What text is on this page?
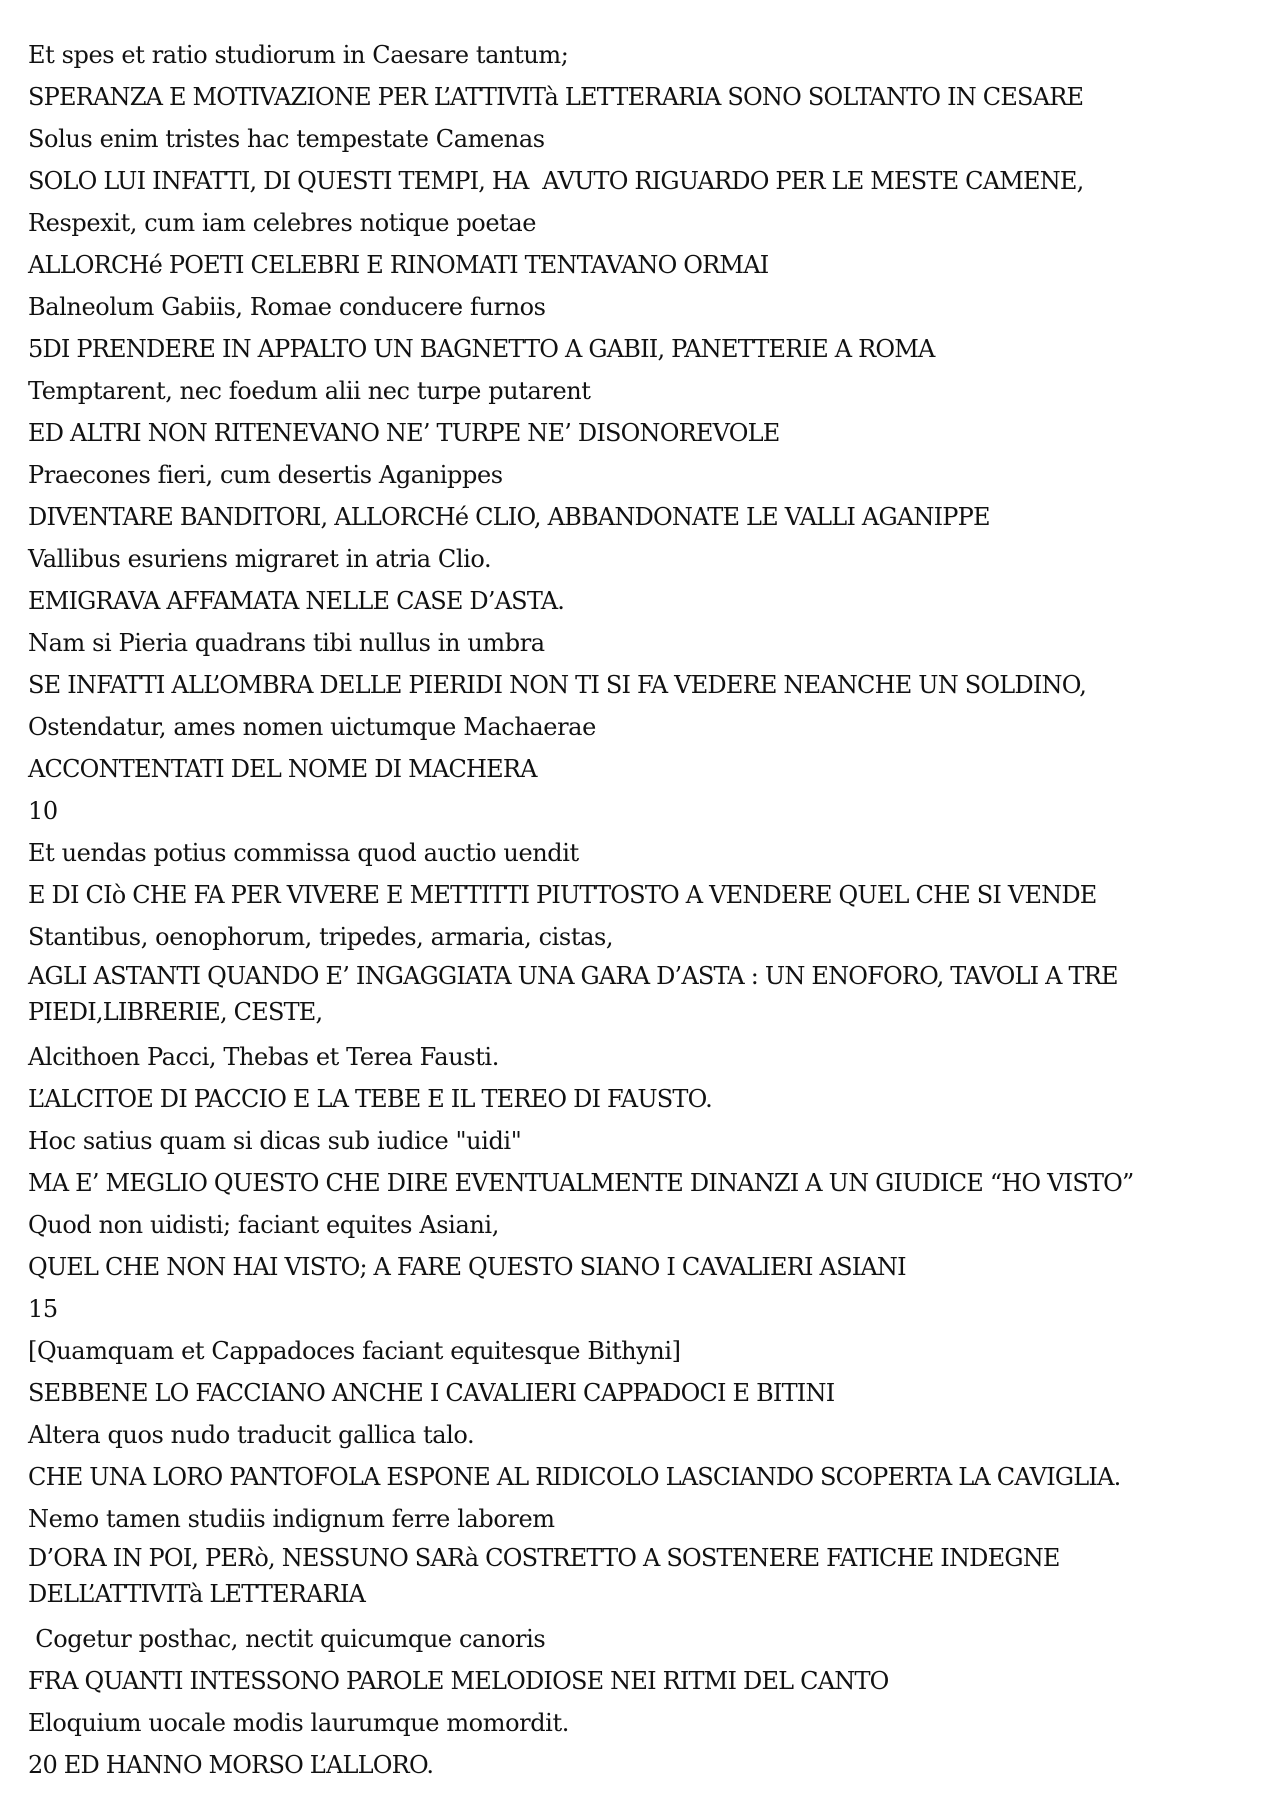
Et spes et ratio studiorum in Caesare tantum;
SPERANZA E MOTIVAZIONE PER L’ATTIVITà LETTERARIA SONO SOLTANTO IN CESARE
Solus enim tristes hac tempestate Camenas
SOLO LUI INFATTI, DI QUESTI TEMPI, HA  AVUTO RIGUARDO PER LE MESTE CAMENE,
Respexit, cum iam celebres notique poetae
ALLORCHé POETI CELEBRI E RINOMATI TENTAVANO ORMAI
Balneolum Gabiis, Romae conducere furnos
5DI PRENDERE IN APPALTO UN BAGNETTO A GABII, PANETTERIE A ROMA
Temptarent, nec foedum alii nec turpe putarent
ED ALTRI NON RITENEVANO NE’ TURPE NE’ DISONOREVOLE
Praecones fieri, cum desertis Aganippes
DIVENTARE BANDITORI, ALLORCHé CLIO, ABBANDONATE LE VALLI AGANIPPE
Vallibus esuriens migraret in atria Clio.
EMIGRAVA AFFAMATA NELLE CASE D’ASTA.
Nam si Pieria quadrans tibi nullus in umbra
SE INFATTI ALL’OMBRA DELLE PIERIDI NON TI SI FA VEDERE NEANCHE UN SOLDINO,
Ostendatur, ames nomen uictumque Machaerae
ACCONTENTATI DEL NOME DI MACHERA
10
Et uendas potius commissa quod auctio uendit
E DI CIò CHE FA PER VIVERE E METTITTI PIUTTOSTO A VENDERE QUEL CHE SI VENDE
Stantibus, oenophorum, tripedes, armaria, cistas,
AGLI ASTANTI QUANDO E’ INGAGGIATA UNA GARA D’ASTA : UN ENOFORO, TAVOLI A TRE PIEDI,LIBRERIE, CESTE,
Alcithoen Pacci, Thebas et Terea Fausti.
L’ALCITOE DI PACCIO E LA TEBE E IL TEREO DI FAUSTO.
Hoc satius quam si dicas sub iudice "uidi"
MA E’ MEGLIO QUESTO CHE DIRE EVENTUALMENTE DINANZI A UN GIUDICE “HO VISTO”
Quod non uidisti; faciant equites Asiani,
QUEL CHE NON HAI VISTO; A FARE QUESTO SIANO I CAVALIERI ASIANI
15
[Quamquam et Cappadoces faciant equitesque Bithyni]
SEBBENE LO FACCIANO ANCHE I CAVALIERI CAPPADOCI E BITINI
Altera quos nudo traducit gallica talo.
CHE UNA LORO PANTOFOLA ESPONE AL RIDICOLO LASCIANDO SCOPERTA LA CAVIGLIA.
Nemo tamen studiis indignum ferre laborem
D’ORA IN POI, PERò, NESSUNO SARà COSTRETTO A SOSTENERE FATICHE INDEGNE DELL’ATTIVITà LETTERARIA
Cogetur posthac, nectit quicumque canoris
FRA QUANTI INTESSONO PAROLE MELODIOSE NEI RITMI DEL CANTO
Eloquium uocale modis laurumque momordit.
20 ED HANNO MORSO L’ALLORO.
